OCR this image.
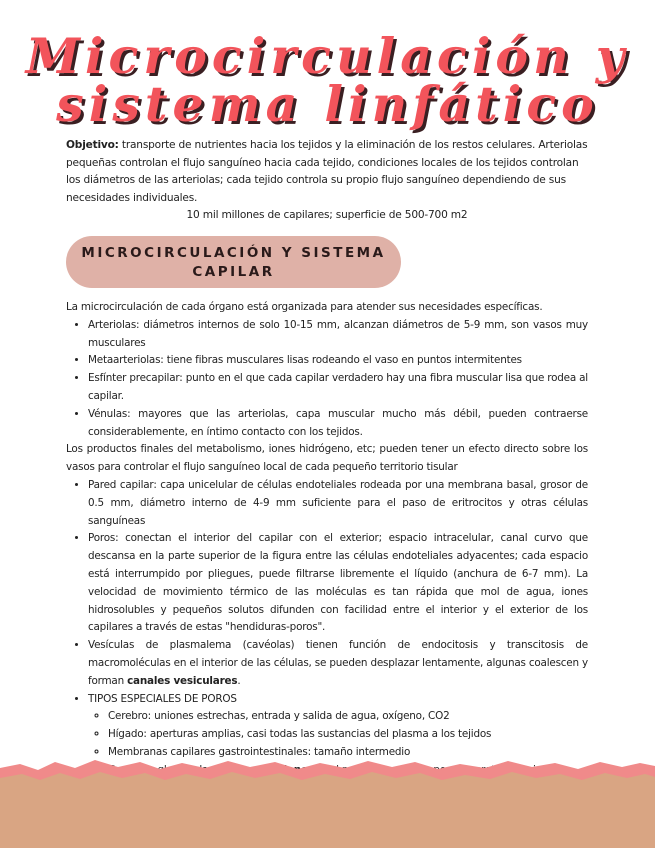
Microcirculación y
sistema linfático

Objetivo: transporte de nutrientes hacia los tejidos y la eliminación de los restos celulares. Arteriolas pequeñas controlan el flujo sanguíneo hacia cada tejido, condiciones locales de los tejidos controlan los diámetros de las arteriolas; cada tejido controla su propio flujo sanguíneo dependiendo de sus necesidades individuales.

10 mil millones de capilares; superficie de 500-700 m2

MICROCIRCULACIÓN Y SISTEMA CAPILAR

La microcirculación de cada órgano está organizada para atender sus necesidades específicas.

• Arteriolas: diámetros internos de solo 10-15 mm, alcanzan diámetros de 5-9 mm, son vasos muy musculares
• Metaarteriolas: tiene fibras musculares lisas rodeando el vaso en puntos intermitentes
• Esfínter precapilar: punto en el que cada capilar verdadero hay una fibra muscular lisa que rodea al capilar.
• Vénulas: mayores que las arteriolas, capa muscular mucho más débil, pueden contraerse considerablemente, en íntimo contacto con los tejidos.

Los productos finales del metabolismo, iones hidrógeno, etc; pueden tener un efecto directo sobre los vasos para controlar el flujo sanguíneo local de cada pequeño territorio tisular

• Pared capilar: capa unicelular de células endoteliales rodeada por una membrana basal, grosor de 0.5 mm, diámetro interno de 4-9 mm suficiente para el paso de eritrocitos y otras células sanguíneas
• Poros: conectan el interior del capilar con el exterior; espacio intracelular, canal curvo que descansa en la parte superior de la figura entre las células endoteliales adyacentes; cada espacio está interrumpido por pliegues, puede filtrarse libremente el líquido (anchura de 6-7 mm). La velocidad de movimiento térmico de las moléculas es tan rápida que mol de agua, iones hidrosolubles y pequeños solutos difunden con facilidad entre el interior y el exterior de los capilares a través de estas "hendiduras-poros".
• Vesículas de plasmalema (cavéolas) tienen función de endocitosis y transcitosis de macromoléculas en el interior de las células, se pueden desplazar lentamente, algunas coalescen y forman canales vesiculares.
• TIPOS ESPECIALES DE POROS
◦ Cerebro: uniones estrechas, entrada y salida de agua, oxígeno, CO2
◦ Hígado: aperturas amplias, casi todas las sustancias del plasma a los tejidos
◦ Membranas capilares gastrointestinales: tamaño intermedio
◦
